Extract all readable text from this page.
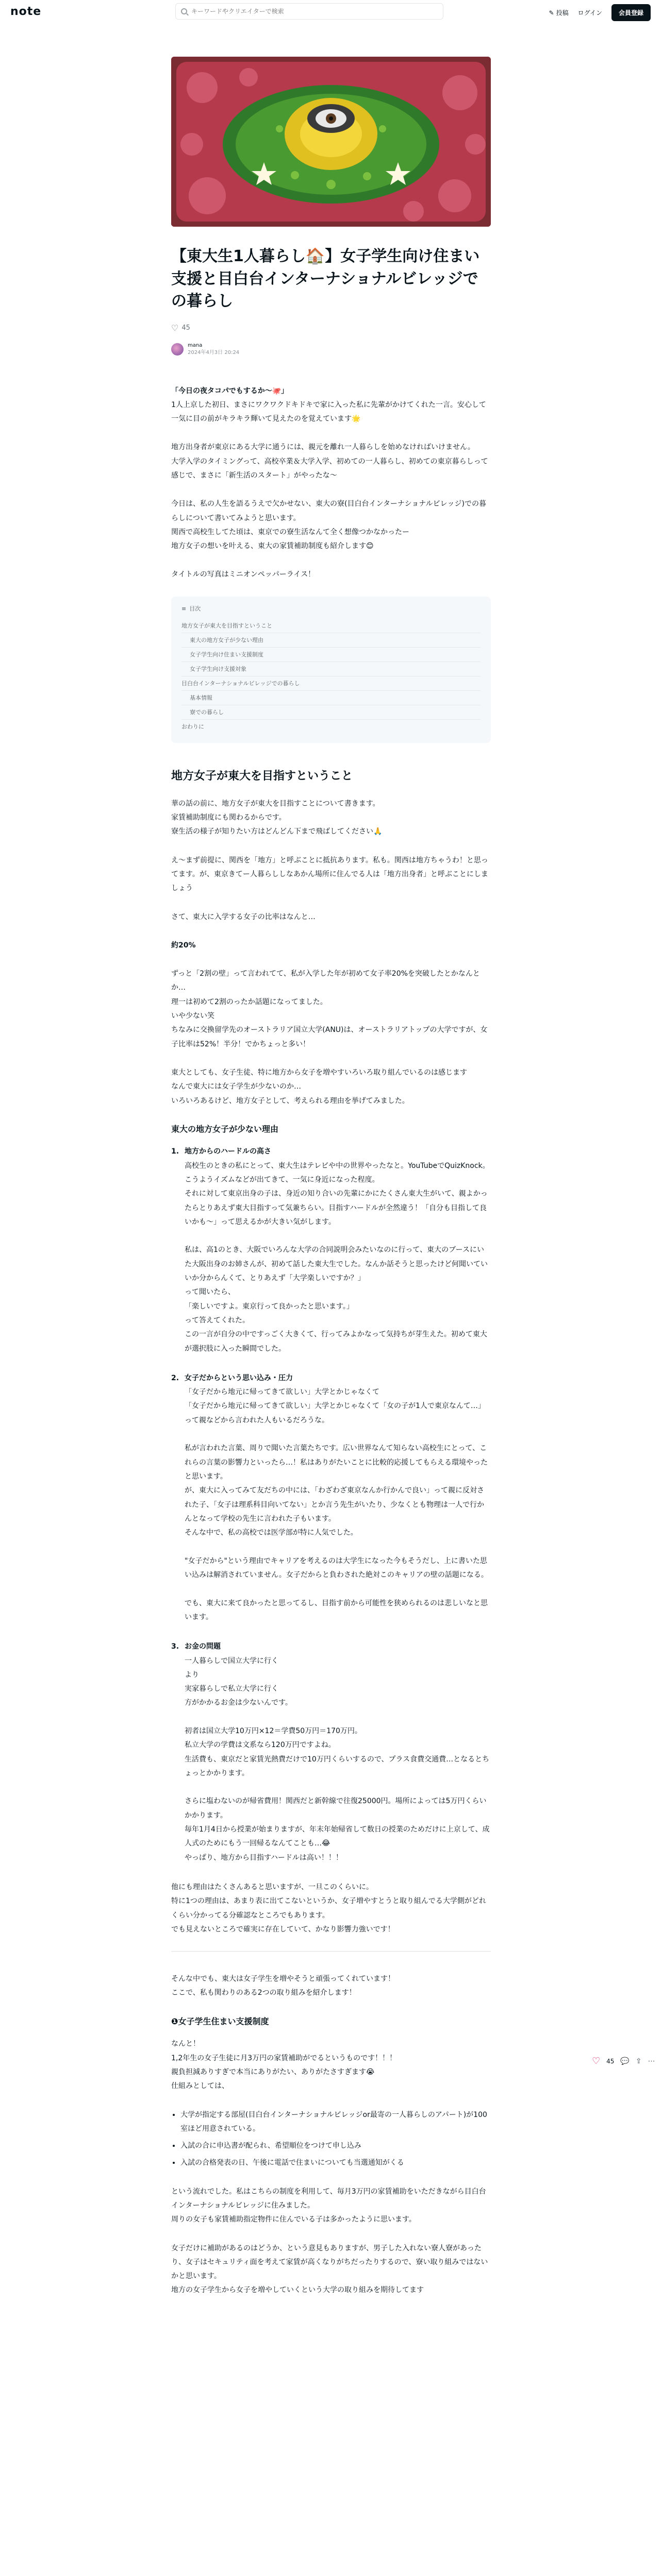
note
キーワードやクリエイターで検索	✎ 投稿 ログイン	会員登録
【東大生1人暮らし🏠】女子学生向け住まい支援と目白台インターナショナルビレッジでの暮らし
♡ 45
mana
2024年4月3日 20:24
「今日の夜タコパでもするか〜🐙」
1人上京した初日、まさにワクワクドキドキで家に入った私に先輩がかけてくれた一言。安心して一気に目の前がキラキラ輝いて見えたのを覚えています🌟
地方出身者が東京にある大学に通うには、親元を離れ一人暮らしを始めなければいけません。
大学入学のタイミングって、高校卒業＆大学入学、初めての一人暮らし、初めての東京暮らしって感じで、まさに「新生活のスタート」がやったな〜
今日は、私の人生を語るうえで欠かせない、東大の寮(目白台インターナショナルビレッジ)での暮らしについて書いてみようと思います。
関西で高校生してた頃は、東京での寮生活なんて全く想像つかなかったー
地方女子の想いを叶える、東大の家賃補助制度も紹介します😊
タイトルの写真はミニオンペッパーライス！
≡ 目次
地方女子が東大を目指すということ
東大の地方女子が少ない理由
女子学生向け住まい支援制度
女子学生向け支援対象
目白台インターナショナルビレッジでの暮らし
基本情報
寮での暮らし
おわりに
地方女子が東大を目指すということ
華の話の前に、地方女子が東大を目指すことについて書きます。
家賃補助制度にも関わるからです。
寮生活の様子が知りたい方はどんどん下まで飛ばしてください🙏
え〜まず前提に、関西を「地方」と呼ぶことに抵抗あります。私も。関西は地方ちゃうわ！と思ってます。が、東京きてー人暮らししなあかん場所に住んでる人は「地方出身者」と呼ぶことにしましょう
さて、東大に入学する女子の比率はなんと…
約20%
ずっと「2割の壁」って言われてて、私が入学した年が初めて女子率20%を突破したとかなんとか…
理一は初めて2割のったか話題になってました。
いや少ない笑
ちなみに交換留学先のオーストラリア国立大学(ANU)は、オーストラリアトップの大学ですが、女子比率は52%！半分！でかちょっと多い！
東大としても、女子生徒、特に地方から女子を増やすいろいろ取り組んでいるのは感じます
なんで東大には女子学生が少ないのか…
いろいろあるけど、地方女子として、考えられる理由を挙げてみました。
東大の地方女子が少ない理由
1. 地方からのハードルの高さ
高校生のときの私にとって、東大生はテレビや中の世界やったなと。YouTubeでQuizKnock。こうようイズムなどが出てきて、一気に身近になった程度。
それに対して東京出身の子は、身近の知り合いの先輩にかにたくさん東大生がいて、親よかったらとりあえず東大目指すって気兼ちらい。目指すハードルが全然違う！「自分も目指して良いかも〜」って思えるかが大きい気がします。

私は、高1のとき、大阪でいろんな大学の合同説明会みたいなのに行って、東大のブースにいた大阪出身のお姉さんが、初めて話した東大生でした。なんか話そうと思ったけど何聞いていいか分からんくて、とりあえず「大学楽しいですか？」
って聞いたら、
「楽しいですよ。東京行って良かったと思います。」
って答えてくれた。
この一言が自分の中ですっごく大きくて、行ってみよかなって気持ちが芽生えた。初めて東大が選択肢に入った瞬間でした。
2. 女子だからという思い込み・圧力
「女子だから地元に帰ってきて欲しい」大学とかじゃなくて
「女子だから地元に帰ってきて欲しい」大学とかじゃなくて「女の子が1人で東京なんて…」って親などから言われた人もいるだろうな。

私が言われた言葉、周りで聞いた言葉たちです。広い世界なんて知らない高校生にとって、これらの言葉の影響力といったら…！私はありがたいことに比較的応援してもらえる環境やったと思います。
が、東大に入ってみて友だちの中には、「わざわざ東京なんか行かんで良い」って親に反対された子、「女子は理系科目向いてない」とか言う先生がいたり、少なくとも物理は一人で行かんとなって学校の先生に言われた子もいます。
そんな中で、私の高校では医学部が特に人気でした。

"女子だから"という理由でキャリアを考えるのは大学生になった今もそうだし、上に書いた思い込みは解消されていません。女子だからと負わされた絶対このキャリアの壁の話題になる。

でも、東大に来て良かったと思ってるし、目指す前から可能性を狭められるのは悲しいなと思います。
3. お金の問題
一人暮らしで国立大学に行く
より
実家暮らしで私立大学に行く
方がかかるお金は少ないんです。

初者は国立大学10万円×12＝学費50万円＝170万円。
私立大学の学費は文系なら120万円ですよね。
生活費も、東京だと家賃光熱費だけで10万円くらいするので、プラス食費交通費…となるとちょっとかかります。

さらに塩わないのが帰省費用！関西だと新幹線で往復25000円。場所によっては5万円くらいかかります。
毎年1月4日から授業が始まりますが、年末年始帰省して数日の授業のためだけに上京して、成人式のためにもう一回帰るなんてことも…😂
やっぱり、地方から目指すハードルは高い！！！
他にも理由はたくさんあると思いますが、一旦このくらいに。
特に1つの理由は、あまり表に出てこないというか、女子増やすとうと取り組んでる大学側がどれくらい分かってる分確認なところでもあります。
でも見えないところで確実に存在していて、かなり影響力強いです！
そんな中でも、東大は女子学生を増やそうと頑張ってくれています！
ここで、私も関わりのある2つの取り組みを紹介します！
❶女子学生住まい支援制度
なんと！
1,2年生の女子生徒に月3万円の家賃補助がでるというものです！！！
親負担減ありすぎで本当にありがたい、ありがたさすぎます😭
仕組みとしては、
• 大学が指定する部屋(目白台インターナショナルビレッジor最寄の一人暮らしのアパート)が100室ほど用意されている。
• 入試の合に申込書が配られ、希望順位をつけて申し込み
• 入試の合格発表の日、午後に電話で住まいについても当選通知がくる
という流れでした。私はこちらの制度を利用して、毎月3万円の家賃補助をいただきながら目白台インターナショナルビレッジに住みました。
周りの女子も家賃補助指定物件に住んでいる子は多かったように思います。
女子だけに補助があるのはどうか、という意見もありますが、男子した入れない寮人寮があったり、女子はセキュリティ面を考えて家賃が高くなりがちだったりするので、寮い取り組みではないかと思います。
地方の女子学生から女子を増やしていくという大学の取り組みを期待してます
♡ 45 💬 ⇪ ⋯
